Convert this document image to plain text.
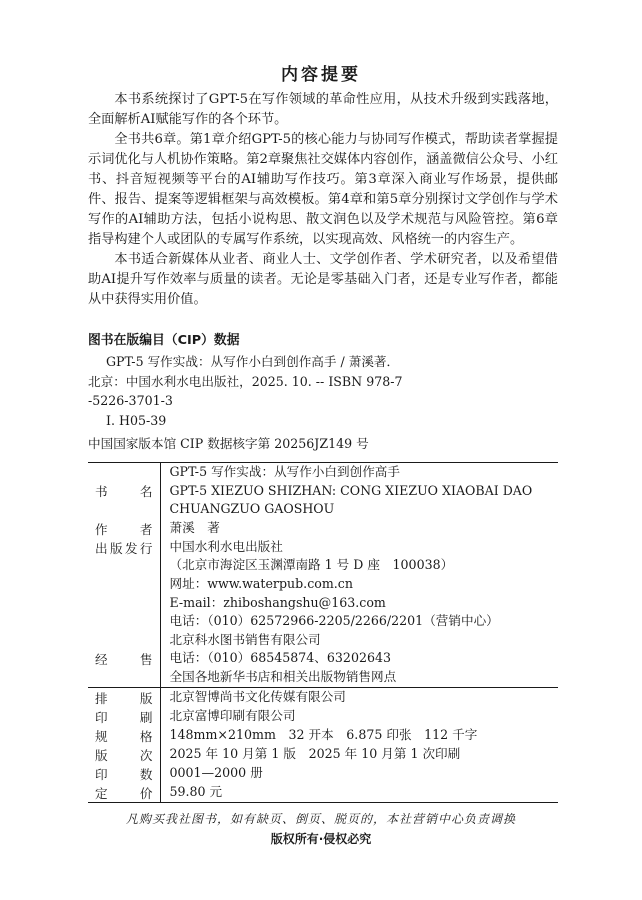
内容提要

本书系统探讨了GPT-5在写作领域的革命性应用，从技术升级到实践落地，全面解析AI赋能写作的各个环节。

全书共6章。第1章介绍GPT-5的核心能力与协同写作模式，帮助读者掌握提示词优化与人机协作策略。第2章聚焦社交媒体内容创作，涵盖微信公众号、小红书、抖音短视频等平台的AI辅助写作技巧。第3章深入商业写作场景，提供邮件、报告、提案等逻辑框架与高效模板。第4章和第5章分别探讨文学创作与学术写作的AI辅助方法，包括小说构思、散文润色以及学术规范与风险管控。第6章指导构建个人或团队的专属写作系统，以实现高效、风格统一的内容生产。

本书适合新媒体从业者、商业人士、文学创作者、学术研究者，以及希望借助AI提升写作效率与质量的读者。无论是零基础入门者，还是专业写作者，都能从中获得实用价值。

图书在版编目（CIP）数据
GPT-5 写作实战：从写作小白到创作高手 / 萧溪著．
北京：中国水利水电出版社，2025. 10. -- ISBN 978-7
-5226-3701-3
Ⅰ. H05-39
中国国家版本馆 CIP 数据核字第 20256JZ149 号
书　名	GPT-5 写作实战：从写作小白到创作高手
GPT-5 XIEZUO SHIZHAN: CONG XIEZUO XIAOBAI DAO
CHUANGZUO GAOSHOU

作　者	萧溪　著

出版发行	中国水利水电出版社
（北京市海淀区玉渊潭南路 1 号 D 座　100038）
网址：www.waterpub.com.cn
E-mail：zhiboshangshu@163.com
电话：（010）62572966-2205/2266/2201（营销中心）

经　售	北京科水图书销售有限公司
电话：（010）68545874、63202643
全国各地新华书店和相关出版物销售网点

排　版	北京智博尚书文化传媒有限公司

印　刷	北京富博印刷有限公司

规　格	148mm×210mm　32 开本　6.875 印张　112 千字

版　次	2025 年 10 月第 1 版　2025 年 10 月第 1 次印刷

印　数	0001—2000 册

定　价	59.80 元
凡购买我社图书，如有缺页、倒页、脱页的，本社营销中心负责调换
版权所有·侵权必究
